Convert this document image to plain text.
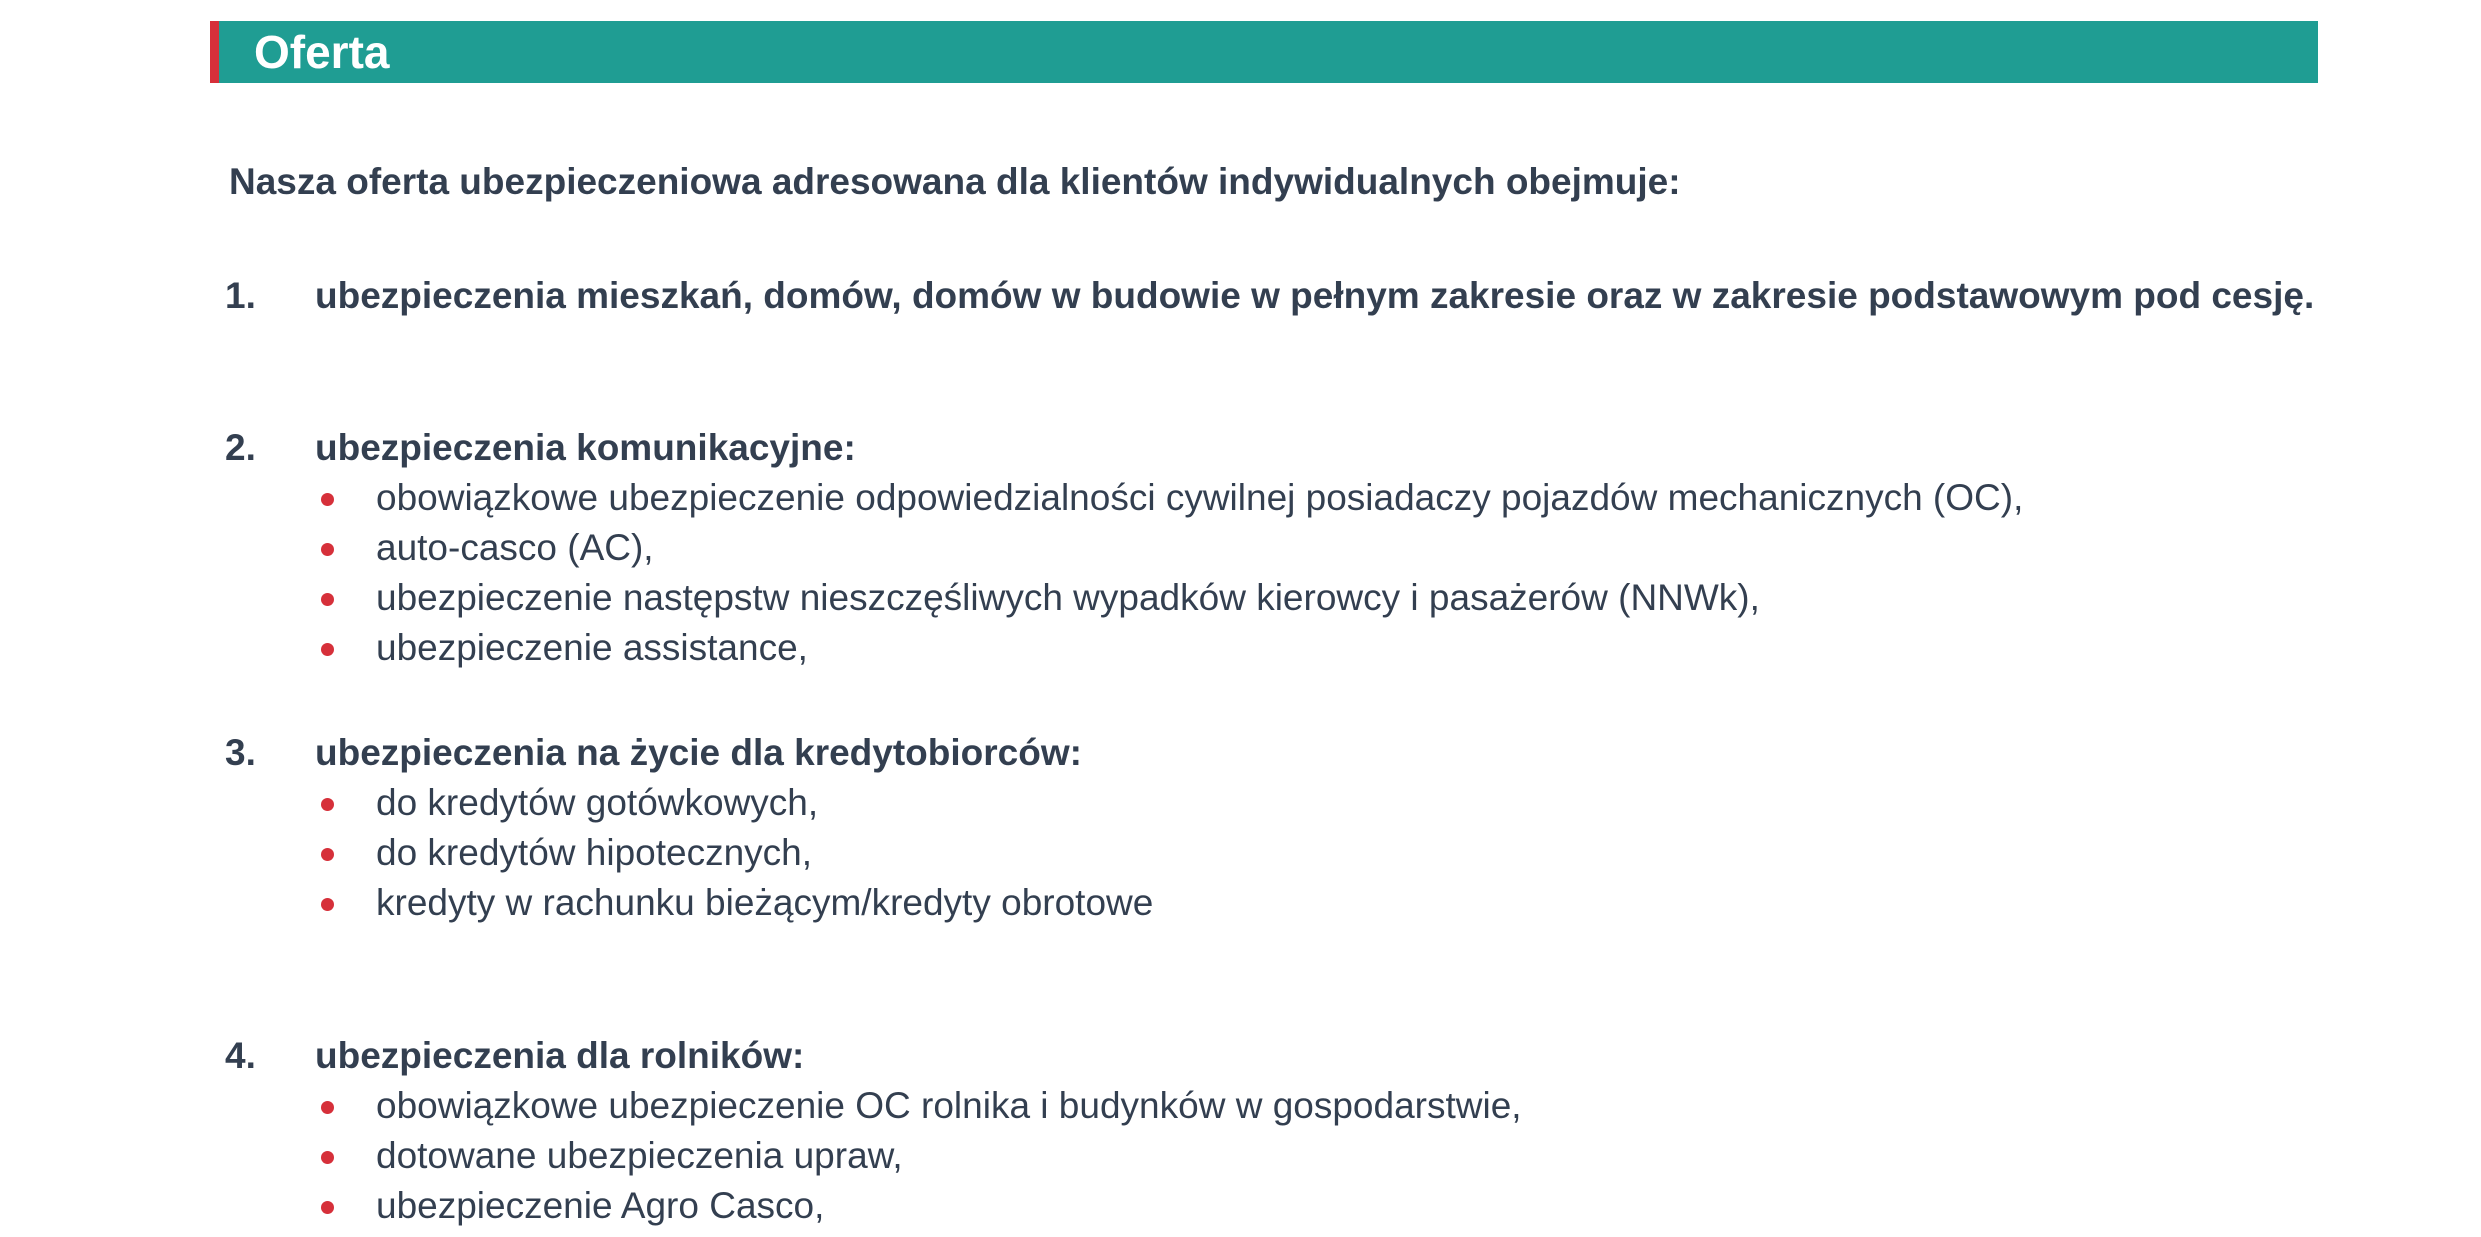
Oferta
Nasza oferta ubezpieczeniowa adresowana dla klientów indywidualnych obejmuje:
1. ubezpieczenia mieszkań, domów, domów w budowie w pełnym zakresie oraz w zakresie podstawowym pod cesję.
2. ubezpieczenia komunikacyjne:
obowiązkowe ubezpieczenie odpowiedzialności cywilnej posiadaczy pojazdów mechanicznych (OC),
auto-casco (AC),
ubezpieczenie następstw nieszczęśliwych wypadków kierowcy i pasażerów (NNWk),
ubezpieczenie assistance,
3. ubezpieczenia na życie dla kredytobiorców:
do kredytów gotówkowych,
do kredytów hipotecznych,
kredyty w rachunku bieżącym/kredyty obrotowe
4. ubezpieczenia dla rolników:
obowiązkowe ubezpieczenie OC rolnika i budynków w gospodarstwie,
dotowane ubezpieczenia upraw,
ubezpieczenie Agro Casco,
